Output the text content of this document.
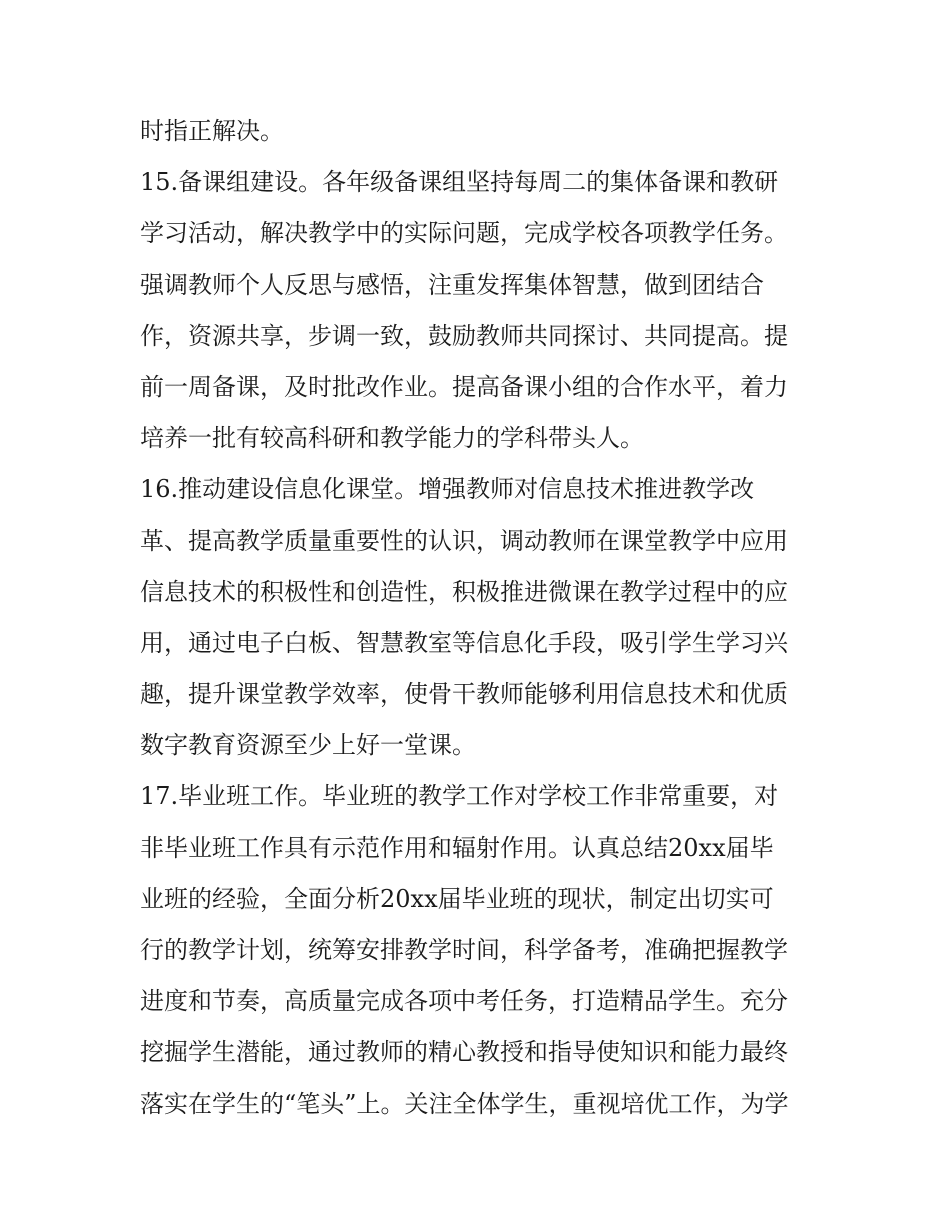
时指正解决。
15.备课组建设。各年级备课组坚持每周二的集体备课和教研
学习活动，解决教学中的实际问题，完成学校各项教学任务。
强调教师个人反思与感悟，注重发挥集体智慧，做到团结合
作，资源共享，步调一致，鼓励教师共同探讨、共同提高。提
前一周备课，及时批改作业。提高备课小组的合作水平，着力
培养一批有较高科研和教学能力的学科带头人。
16.推动建设信息化课堂。增强教师对信息技术推进教学改
革、提高教学质量重要性的认识，调动教师在课堂教学中应用
信息技术的积极性和创造性，积极推进微课在教学过程中的应
用，通过电子白板、智慧教室等信息化手段，吸引学生学习兴
趣，提升课堂教学效率，使骨干教师能够利用信息技术和优质
数字教育资源至少上好一堂课。
17.毕业班工作。毕业班的教学工作对学校工作非常重要，对
非毕业班工作具有示范作用和辐射作用。认真总结20xx届毕
业班的经验，全面分析20xx届毕业班的现状，制定出切实可
行的教学计划，统筹安排教学时间，科学备考，准确把握教学
进度和节奏，高质量完成各项中考任务，打造精品学生。充分
挖掘学生潜能，通过教师的精心教授和指导使知识和能力最终
落实在学生的“笔头”上。关注全体学生，重视培优工作，为学
